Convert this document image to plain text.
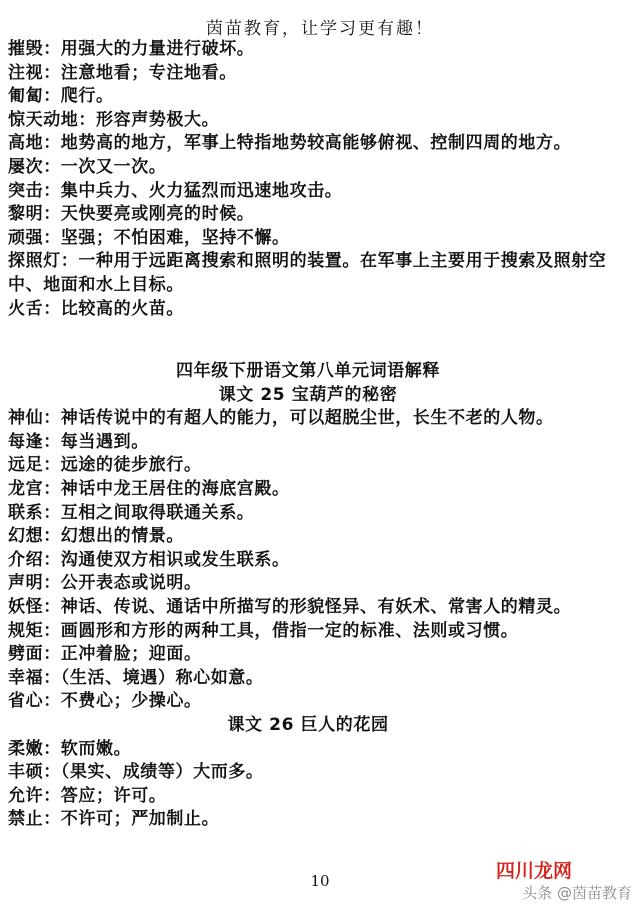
茵苗教育，让学习更有趣！
摧毁：用强大的力量进行破坏。
注视：注意地看；专注地看。
匍匐：爬行。
惊天动地：形容声势极大。
高地：地势高的地方，军事上特指地势较高能够俯视、控制四周的地方。
屡次：一次又一次。
突击：集中兵力、火力猛烈而迅速地攻击。
黎明：天快要亮或刚亮的时候。
顽强：坚强；不怕困难，坚持不懈。
探照灯：一种用于远距离搜索和照明的装置。在军事上主要用于搜索及照射空中、地面和水上目标。
火舌：比较高的火苗。
四年级下册语文第八单元词语解释
课文 25 宝葫芦的秘密
神仙：神话传说中的有超人的能力，可以超脱尘世，长生不老的人物。
每逢：每当遇到。
远足：远途的徒步旅行。
龙宫：神话中龙王居住的海底宫殿。
联系：互相之间取得联通关系。
幻想：幻想出的情景。
介绍：沟通使双方相识或发生联系。
声明：公开表态或说明。
妖怪：神话、传说、通话中所描写的形貌怪异、有妖术、常害人的精灵。
规矩：画圆形和方形的两种工具，借指一定的标准、法则或习惯。
劈面：正冲着脸；迎面。
幸福：（生活、境遇）称心如意。
省心：不费心；少操心。
课文 26 巨人的花园
柔嫩：软而嫩。
丰硕：（果实、成绩等）大而多。
允许：答应；许可。
禁止：不许可；严加制止。
10	四川龙网
头条 @茵苗教育
